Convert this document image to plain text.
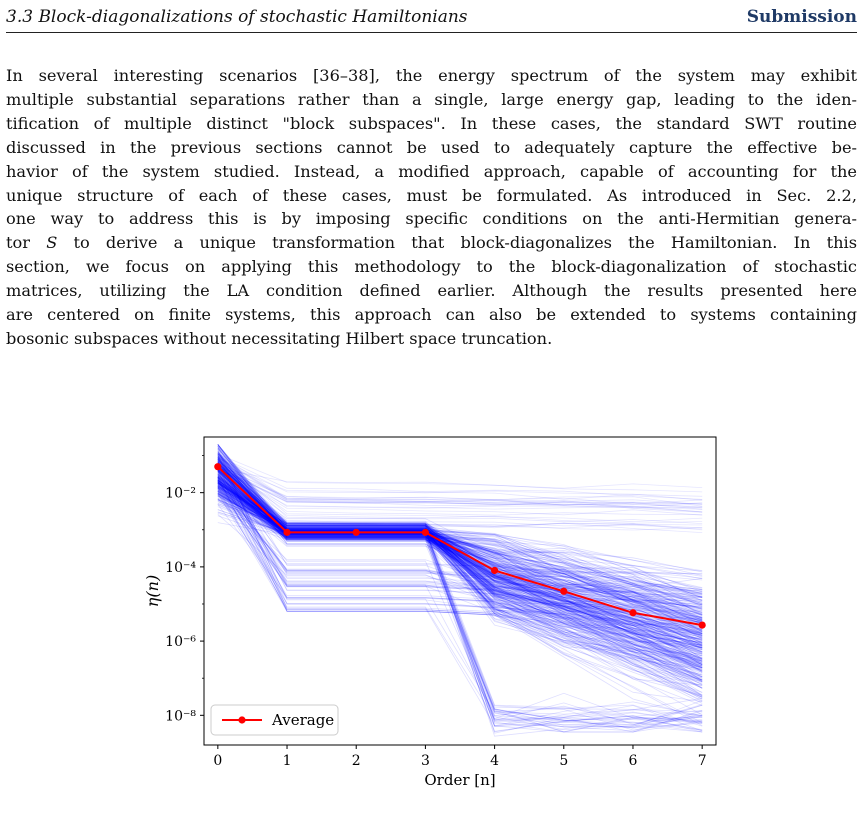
3.3 Block-diagonalizations of stochastic Hamiltonians	Submission
In several interesting scenarios [36–38], the energy spectrum of the system may exhibit
multiple substantial separations rather than a single, large energy gap, leading to the iden-
tification of multiple distinct "block subspaces". In these cases, the standard SWT routine
discussed in the previous sections cannot be used to adequately capture the effective be-
havior of the system studied. Instead, a modified approach, capable of accounting for the
unique structure of each of these cases, must be formulated. As introduced in Sec. 2.2,
one way to address this is by imposing specific conditions on the anti-Hermitian genera-
tor S to derive a unique transformation that block-diagonalizes the Hamiltonian. In this
section, we focus on applying this methodology to the block-diagonalization of stochastic
matrices, utilizing the LA condition defined earlier. Although the results presented here
are centered on finite systems, this approach can also be extended to systems containing
bosonic subspaces without necessitating Hilbert space truncation.
0	1	2	3	4	5	6	7
10⁻²
10⁻⁴
10⁻⁶
10⁻⁸
Order [n]
η(n)
Average
